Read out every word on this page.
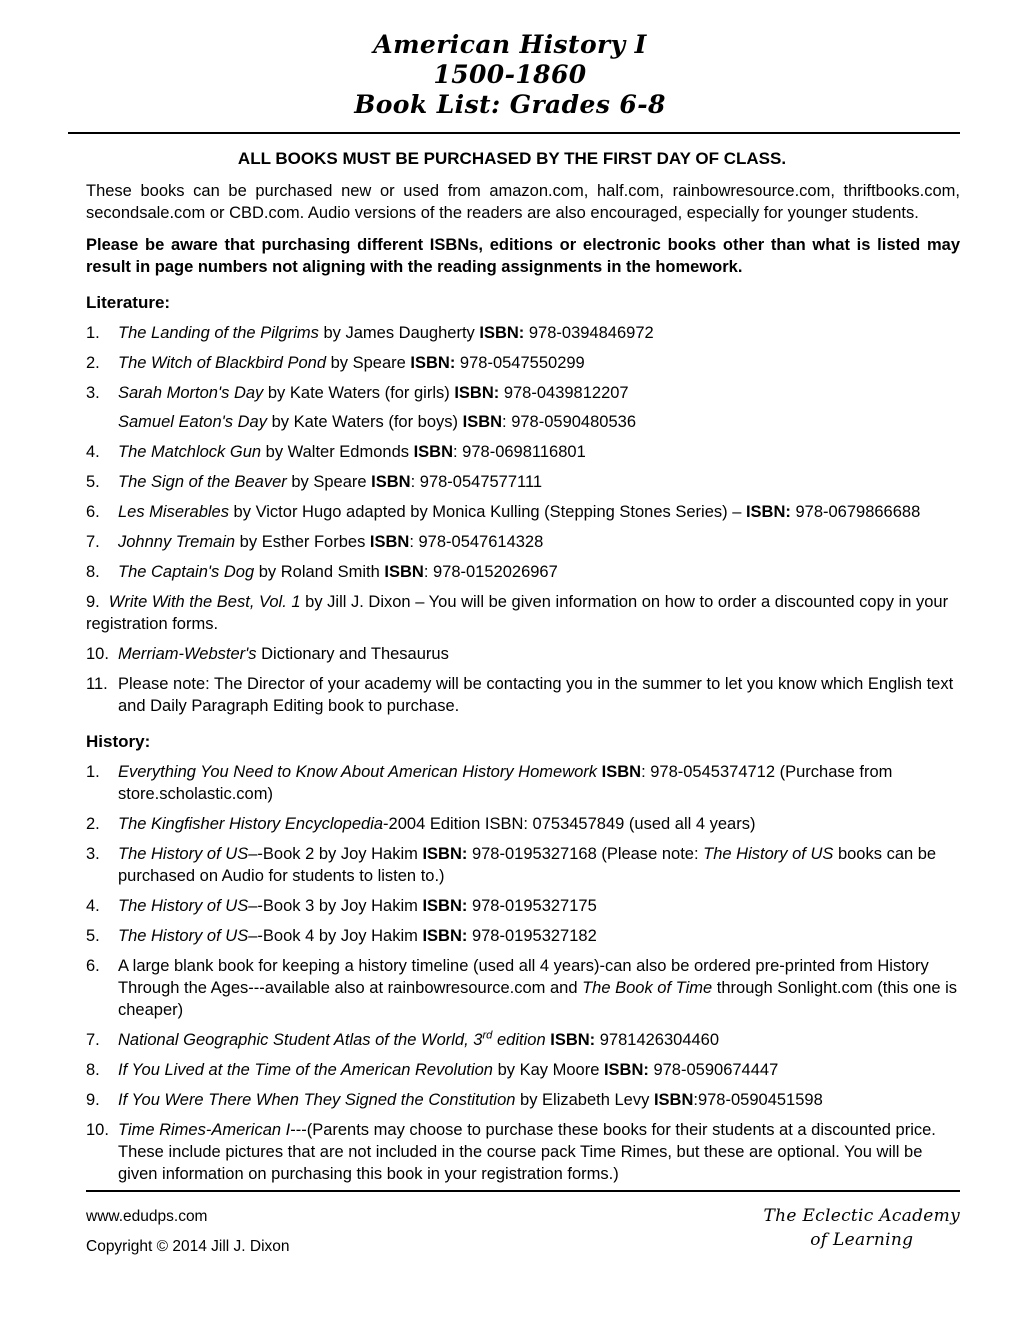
American History I
1500-1860
Book List: Grades 6-8
ALL BOOKS MUST BE PURCHASED BY THE FIRST DAY OF CLASS.

These books can be purchased new or used from amazon.com, half.com, rainbowresource.com, thriftbooks.com, secondsale.com or CBD.com. Audio versions of the readers are also encouraged, especially for younger students.

Please be aware that purchasing different ISBNs, editions or electronic books other than what is listed may result in page numbers not aligning with the reading assignments in the homework.

Literature:
1.	The Landing of the Pilgrims by James Daugherty ISBN: 978-0394846972
2.	The Witch of Blackbird Pond by Speare ISBN: 978-0547550299
3.	Sarah Morton's Day by Kate Waters (for girls) ISBN: 978-0439812207
Samuel Eaton's Day by Kate Waters (for boys) ISBN: 978-0590480536
4.	The Matchlock Gun by Walter Edmonds ISBN: 978-0698116801
5.	The Sign of the Beaver by Speare ISBN: 978-0547577111
6.	Les Miserables by Victor Hugo adapted by Monica Kulling (Stepping Stones Series) – ISBN: 978-0679866688
7.	Johnny Tremain by Esther Forbes ISBN: 978-0547614328
8.	The Captain's Dog by Roland Smith ISBN: 978-0152026967
9. Write With the Best, Vol. 1 by Jill J. Dixon – You will be given information on how to order a discounted copy in your registration forms.
10. Merriam-Webster's Dictionary and Thesaurus
11. Please note: The Director of your academy will be contacting you in the summer to let you know which English text and Daily Paragraph Editing book to purchase.
History:
1.	Everything You Need to Know About American History Homework ISBN: 978-0545374712 (Purchase from store.scholastic.com)
2.	The Kingfisher History Encyclopedia-2004 Edition ISBN: 0753457849 (used all 4 years)
3.	The History of US–-Book 2 by Joy Hakim ISBN: 978-0195327168 (Please note: The History of US books can be purchased on Audio for students to listen to.)
4.	The History of US–-Book 3 by Joy Hakim ISBN: 978-0195327175
5.	The History of US–-Book 4 by Joy Hakim ISBN: 978-0195327182
6.	A large blank book for keeping a history timeline (used all 4 years)-can also be ordered pre-printed from History Through the Ages---available also at rainbowresource.com and The Book of Time through Sonlight.com (this one is cheaper)
7.	National Geographic Student Atlas of the World, 3rd edition ISBN: 9781426304460
8.	If You Lived at the Time of the American Revolution by Kay Moore ISBN: 978-0590674447
9.	If You Were There When They Signed the Constitution by Elizabeth Levy ISBN:978-0590451598
10. Time Rimes-American I---(Parents may choose to purchase these books for their students at a discounted price. These include pictures that are not included in the course pack Time Rimes, but these are optional. You will be given information on purchasing this book in your registration forms.)
www.edudps.com
Copyright © 2014 Jill J. Dixon
The Eclectic Academy
of Learning
